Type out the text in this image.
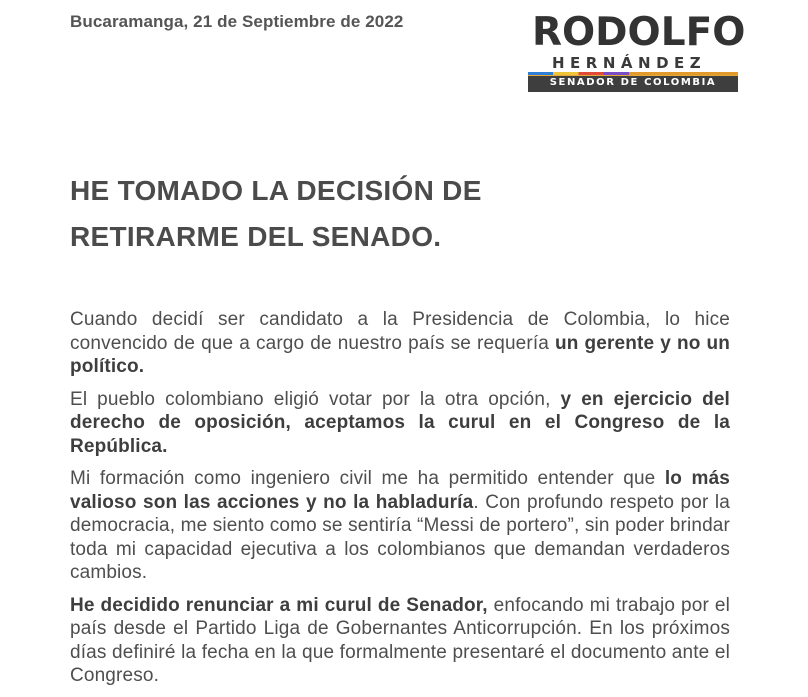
Bucaramanga, 21 de Septiembre de 2022	RODOLFO
HERNÁNDEZ
SENADOR DE COLOMBIA
HE TOMADO LA DECISIÓN DE
RETIRARME DEL SENADO.

Cuando decidí ser candidato a la Presidencia de Colombia, lo hice convencido de que a cargo de nuestro país se requería un gerente y no un político.

El pueblo colombiano eligió votar por la otra opción, y en ejercicio del derecho de oposición, aceptamos la curul en el Congreso de la República.

Mi formación como ingeniero civil me ha permitido entender que lo más valioso son las acciones y no la habladuría. Con profundo respeto por la democracia, me siento como se sentiría “Messi de portero”, sin poder brindar toda mi capacidad ejecutiva a los colombianos que demandan verdaderos cambios.

He decidido renunciar a mi curul de Senador, enfocando mi trabajo por el país desde el Partido Liga de Gobernantes Anticorrupción. En los próximos días definiré la fecha en la que formalmente presentaré el documento ante el Congreso.
